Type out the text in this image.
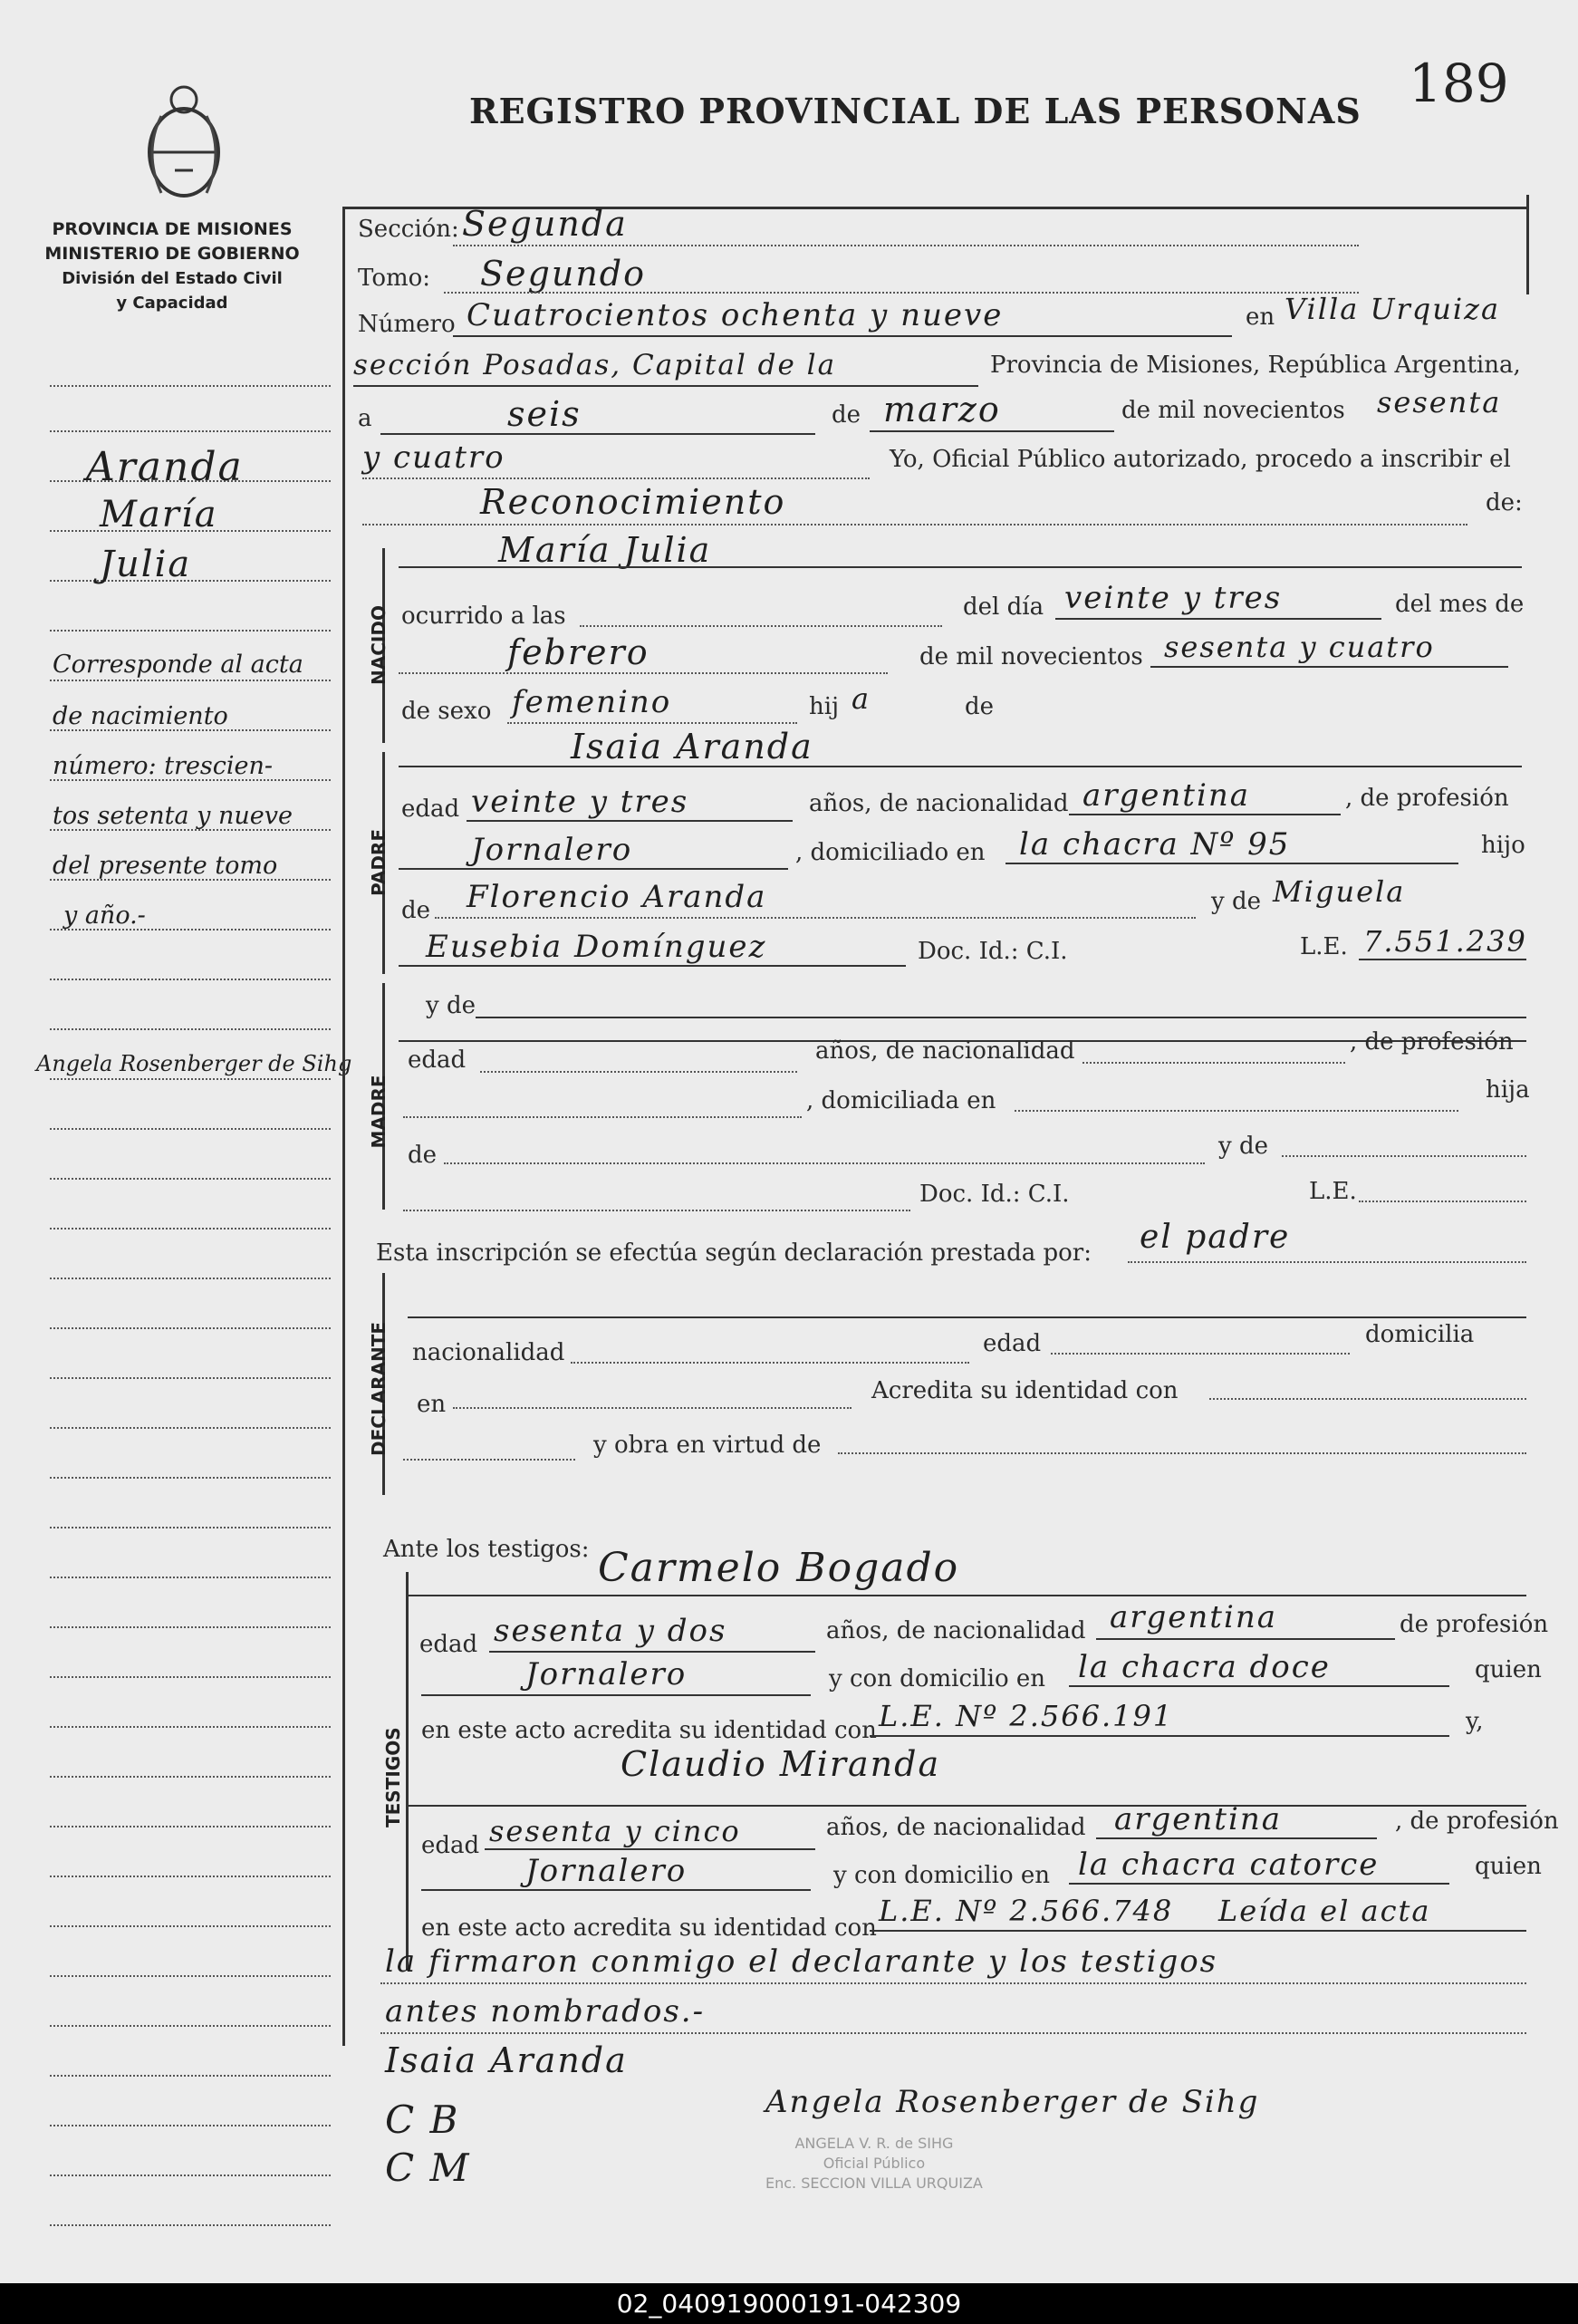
REGISTRO PROVINCIAL DE LAS PERSONAS 189
PROVINCIA DE MISIONES
MINISTERIO DE GOBIERNO
División del Estado Civil
y Capacidad
Aranda
María
Julia
Corresponde al acta
de nacimiento
número: trescien-
tos setenta y nueve
del presente tomo
y año.-
Angela Rosenberger de Sihg
Sección: Segunda
Tomo: Segundo
Número Cuatrocientos ochenta y nueve	en Villa Urquiza
sección Posadas, Capital de la	Provincia de Misiones, República Argentina,
a	seis	de marzo	de mil novecientos sesenta
y cuatro	Yo, Oficial Público autorizado, procedo a inscribir el
Reconocimiento	de:
NACIDO
María Julia
ocurrido a las	del día veinte y tres	del mes de
febrero	de mil novecientos sesenta y cuatro
de sexo femenino	hij a	de
PADRE
Isaia Aranda
edad veinte y tres	años, de nacionalidad argentina	, de profesión
Jornalero	, domiciliado en la chacra Nº 95	hijo
de Florencio Aranda	y de Miguela
Eusebia Domínguez	Doc. Id.: C.I.	L.E. 7.551.239
MADRE
y de
edad	años, de nacionalidad	, de profesión
, domiciliada en	hija
de	y de
Doc. Id.: C.I.	L.E.
Esta inscripción se efectúa según declaración prestada por: el padre
DECLARANTE nacionalidad	edad	domicilia
en	Acredita su identidad con
y obra en virtud de
Ante los testigos:
TESTIGOS
Carmelo Bogado
edad sesenta y dos	años, de nacionalidad argentina	de profesión
Jornalero	y con domicilio en la chacra doce	quien
en este acto acredita su identidad con L.E. Nº 2.566.191	y,
Claudio Miranda
edad sesenta y cinco	años, de nacionalidad argentina	, de profesión
Jornalero	y con domicilio en la chacra catorce	quien
en este acto acredita su identidad con L.E. Nº 2.566.748 Leída el acta
la firmaron conmigo el declarante y los testigos
antes nombrados.-
Isaia Aranda
C B
C M
Angela Rosenberger de Sihg
ANGELA V. R. de SIHG
Oficial Público
Enc. SECCION VILLA URQUIZA
02_040919000191-042309
